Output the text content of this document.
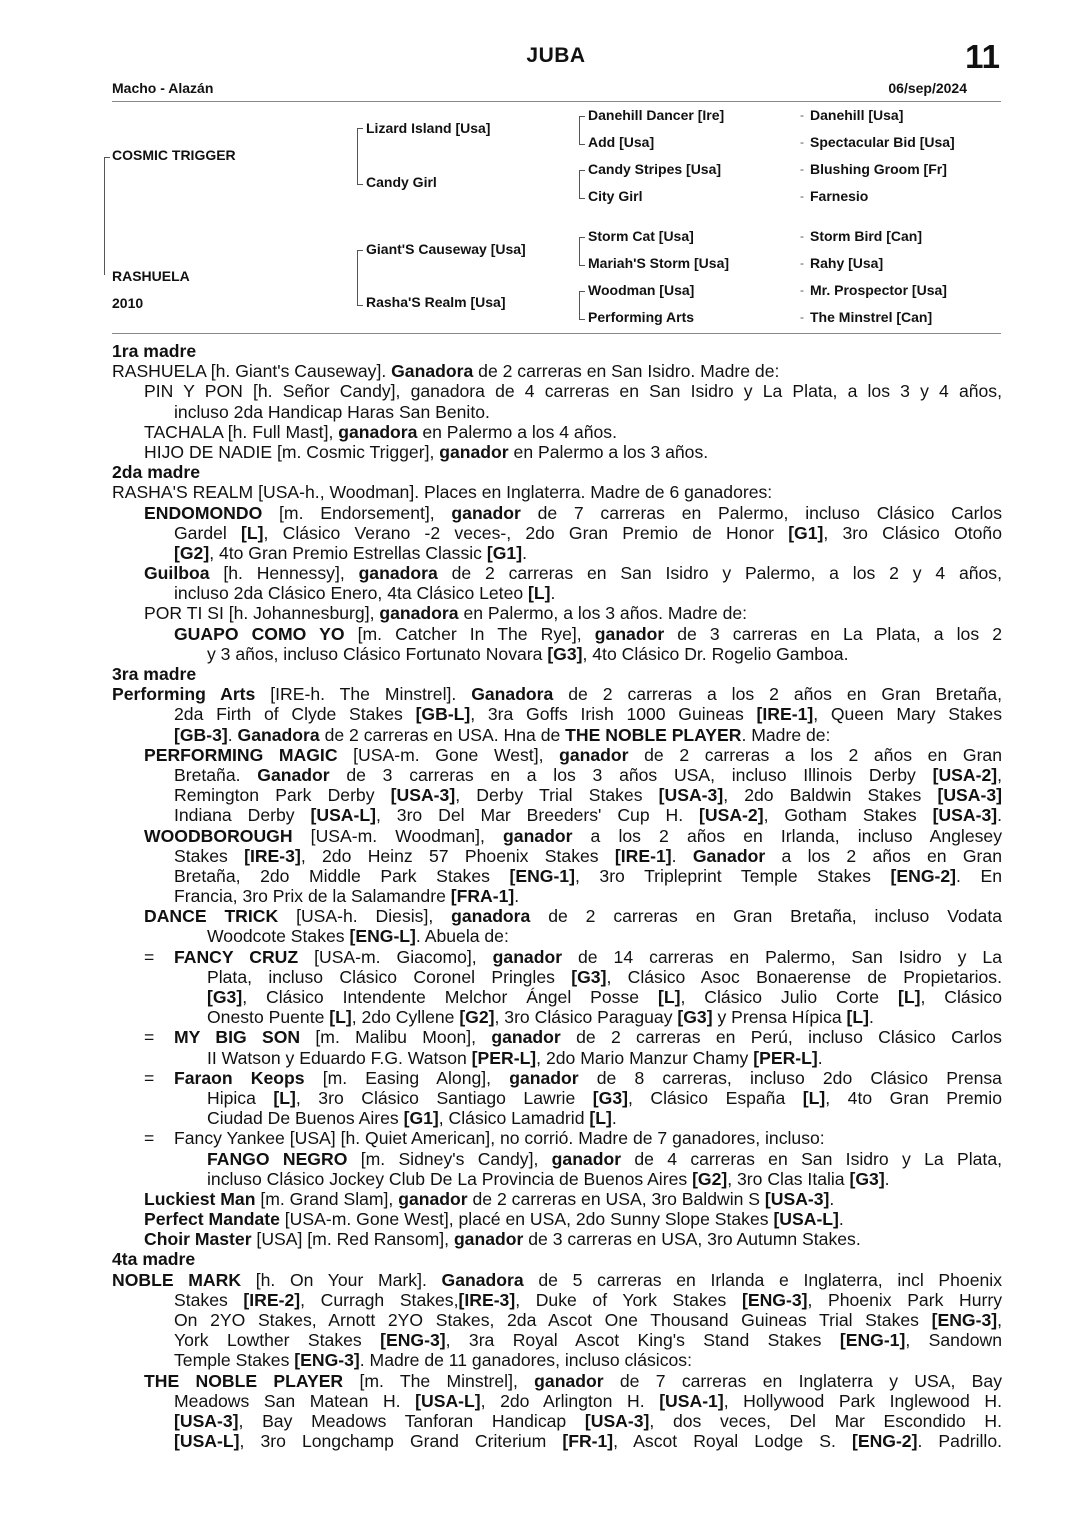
JUBA	11
Macho - Alazán	06/sep/2024
COSMIC TRIGGER
RASHUELA
2010
Lizard Island [Usa]
Candy Girl
Giant'S Causeway [Usa]
Rasha'S Realm [Usa]
Danehill Dancer [Ire]
Add [Usa]
Candy Stripes [Usa]
City Girl
Storm Cat [Usa]
Mariah'S Storm [Usa]
Woodman [Usa]
Performing Arts
-
-
-
-
-
-
-
-
Danehill [Usa]
Spectacular Bid [Usa]
Blushing Groom [Fr]
Farnesio
Storm Bird [Can]
Rahy [Usa]
Mr. Prospector [Usa]
The Minstrel [Can]
1ra madre
RASHUELA [h. Giant's Causeway]. Ganadora de 2 carreras en San Isidro. Madre de:
PIN Y PON [h. Señor Candy], ganadora de 4 carreras en San Isidro y La Plata, a los 3 y 4 años,
incluso 2da Handicap Haras San Benito.
TACHALA [h. Full Mast], ganadora en Palermo a los 4 años.
HIJO DE NADIE [m. Cosmic Trigger], ganador en Palermo a los 3 años.
2da madre
RASHA'S REALM [USA-h., Woodman]. Places en Inglaterra. Madre de 6 ganadores:
ENDOMONDO [m. Endorsement], ganador de 7 carreras en Palermo, incluso Clásico Carlos
Gardel [L], Clásico Verano -2 veces-, 2do Gran Premio de Honor [G1], 3ro Clásico Otoño
[G2], 4to Gran Premio Estrellas Classic [G1].
Guilboa [h. Hennessy], ganadora de 2 carreras en San Isidro y Palermo, a los 2 y 4 años,
incluso 2da Clásico Enero, 4ta Clásico Leteo [L].
POR TI SI [h. Johannesburg], ganadora en Palermo, a los 3 años. Madre de:
GUAPO COMO YO [m. Catcher In The Rye], ganador de 3 carreras en La Plata, a los 2
y 3 años, incluso Clásico Fortunato Novara [G3], 4to Clásico Dr. Rogelio Gamboa.
3ra madre
Performing Arts [IRE-h. The Minstrel]. Ganadora de 2 carreras a los 2 años en Gran Bretaña,
2da Firth of Clyde Stakes [GB-L], 3ra Goffs Irish 1000 Guineas [IRE-1], Queen Mary Stakes
[GB-3]. Ganadora de 2 carreras en USA. Hna de THE NOBLE PLAYER. Madre de:
PERFORMING MAGIC [USA-m. Gone West], ganador de 2 carreras a los 2 años en Gran
Bretaña. Ganador de 3 carreras en a los 3 años USA, incluso Illinois Derby [USA-2],
Remington Park Derby [USA-3], Derby Trial Stakes [USA-3], 2do Baldwin Stakes [USA-3]
Indiana Derby [USA-L], 3ro Del Mar Breeders' Cup H. [USA-2], Gotham Stakes [USA-3].
WOODBOROUGH [USA-m. Woodman], ganador a los 2 años en Irlanda, incluso Anglesey
Stakes [IRE-3], 2do Heinz 57 Phoenix Stakes [IRE-1]. Ganador a los 2 años en Gran
Bretaña, 2do Middle Park Stakes [ENG-1], 3ro Tripleprint Temple Stakes [ENG-2]. En
Francia, 3ro Prix de la Salamandre [FRA-1].
DANCE TRICK [USA-h. Diesis], ganadora de 2 carreras en Gran Bretaña, incluso Vodata
Woodcote Stakes [ENG-L]. Abuela de:
= FANCY CRUZ [USA-m. Giacomo], ganador de 14 carreras en Palermo, San Isidro y La
Plata, incluso Clásico Coronel Pringles [G3], Clásico Asoc Bonaerense de Propietarios.
[G3], Clásico Intendente Melchor Ángel Posse [L], Clásico Julio Corte [L], Clásico
Onesto Puente [L], 2do Cyllene [G2], 3ro Clásico Paraguay [G3] y Prensa Hípica [L].
= MY BIG SON [m. Malibu Moon], ganador de 2 carreras en Perú, incluso Clásico Carlos
II Watson y Eduardo F.G. Watson [PER-L], 2do Mario Manzur Chamy [PER-L].
= Faraon Keops [m. Easing Along], ganador de 8 carreras, incluso 2do Clásico Prensa
Hipica [L], 3ro Clásico Santiago Lawrie [G3], Clásico España [L], 4to Gran Premio
Ciudad De Buenos Aires [G1], Clásico Lamadrid [L].
= Fancy Yankee [USA] [h. Quiet American], no corrió. Madre de 7 ganadores, incluso:
FANGO NEGRO [m. Sidney's Candy], ganador de 4 carreras en San Isidro y La Plata,
incluso Clásico Jockey Club De La Provincia de Buenos Aires [G2], 3ro Clas Italia [G3].
Luckiest Man [m. Grand Slam], ganador de 2 carreras en USA, 3ro Baldwin S [USA-3].
Perfect Mandate [USA-m. Gone West], placé en USA, 2do Sunny Slope Stakes [USA-L].
Choir Master [USA] [m. Red Ransom], ganador de 3 carreras en USA, 3ro Autumn Stakes.
4ta madre
NOBLE MARK [h. On Your Mark]. Ganadora de 5 carreras en Irlanda e Inglaterra, incl Phoenix
Stakes [IRE-2], Curragh Stakes,[IRE-3], Duke of York Stakes [ENG-3], Phoenix Park Hurry
On 2YO Stakes, Arnott 2YO Stakes, 2da Ascot One Thousand Guineas Trial Stakes [ENG-3],
York Lowther Stakes [ENG-3], 3ra Royal Ascot King's Stand Stakes [ENG-1], Sandown
Temple Stakes [ENG-3]. Madre de 11 ganadores, incluso clásicos:
THE NOBLE PLAYER [m. The Minstrel], ganador de 7 carreras en Inglaterra y USA, Bay
Meadows San Matean H. [USA-L], 2do Arlington H. [USA-1], Hollywood Park Inglewood H.
[USA-3], Bay Meadows Tanforan Handicap [USA-3], dos veces, Del Mar Escondido H.
[USA-L], 3ro Longchamp Grand Criterium [FR-1], Ascot Royal Lodge S. [ENG-2]. Padrillo.
